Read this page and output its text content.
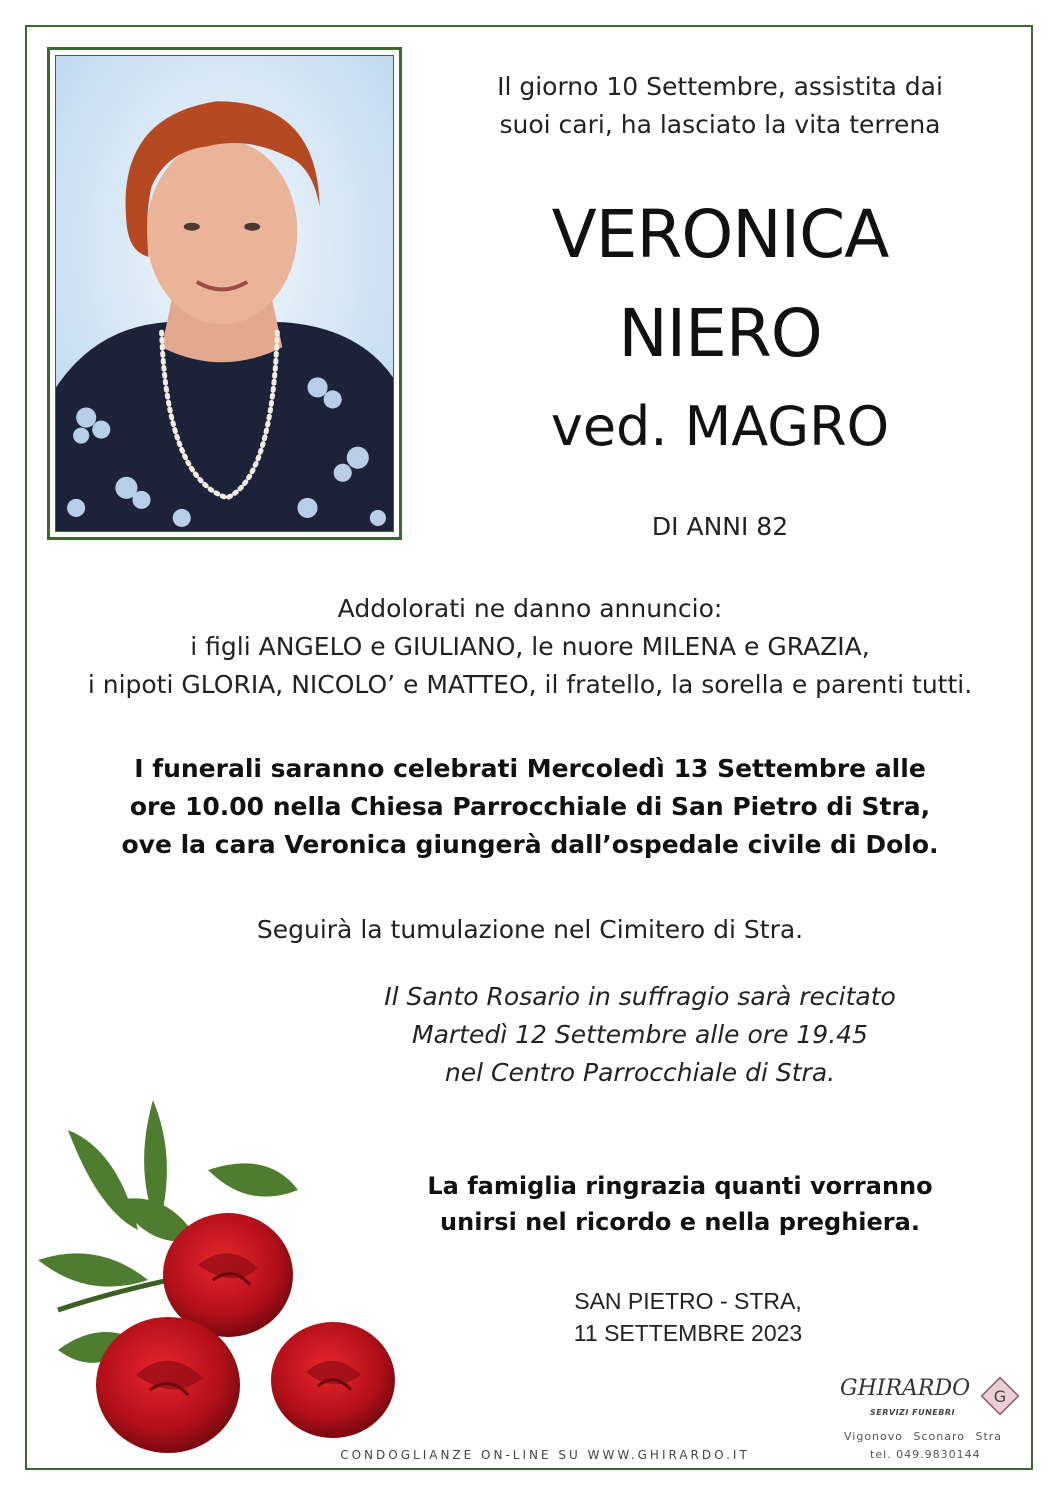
Il giorno 10 Settembre, assistita dai
suoi cari, ha lasciato la vita terrena
VERONICA
NIERO
ved. MAGRO
DI ANNI 82
Addolorati ne danno annuncio:
i figli ANGELO e GIULIANO, le nuore MILENA e GRAZIA,
i nipoti GLORIA, NICOLO’ e MATTEO, il fratello, la sorella e parenti tutti.
I funerali saranno celebrati Mercoledì 13 Settembre alle
ore 10.00 nella Chiesa Parrocchiale di San Pietro di Stra,
ove la cara Veronica giungerà dall’ospedale civile di Dolo.
Seguirà la tumulazione nel Cimitero di Stra.
Il Santo Rosario in suffragio sarà recitato
Martedì 12 Settembre alle ore 19.45
nel Centro Parrocchiale di Stra.
La famiglia ringrazia quanti vorranno
unirsi nel ricordo e nella preghiera.
SAN PIETRO - STRA,
11 SETTEMBRE 2023
CONDOGLIANZE ON-LINE SU WWW.GHIRARDO.IT
GHIRARDO
SERVIZI FUNEBRI
G
Vigonovo Sconaro Stra
tel. 049.9830144
